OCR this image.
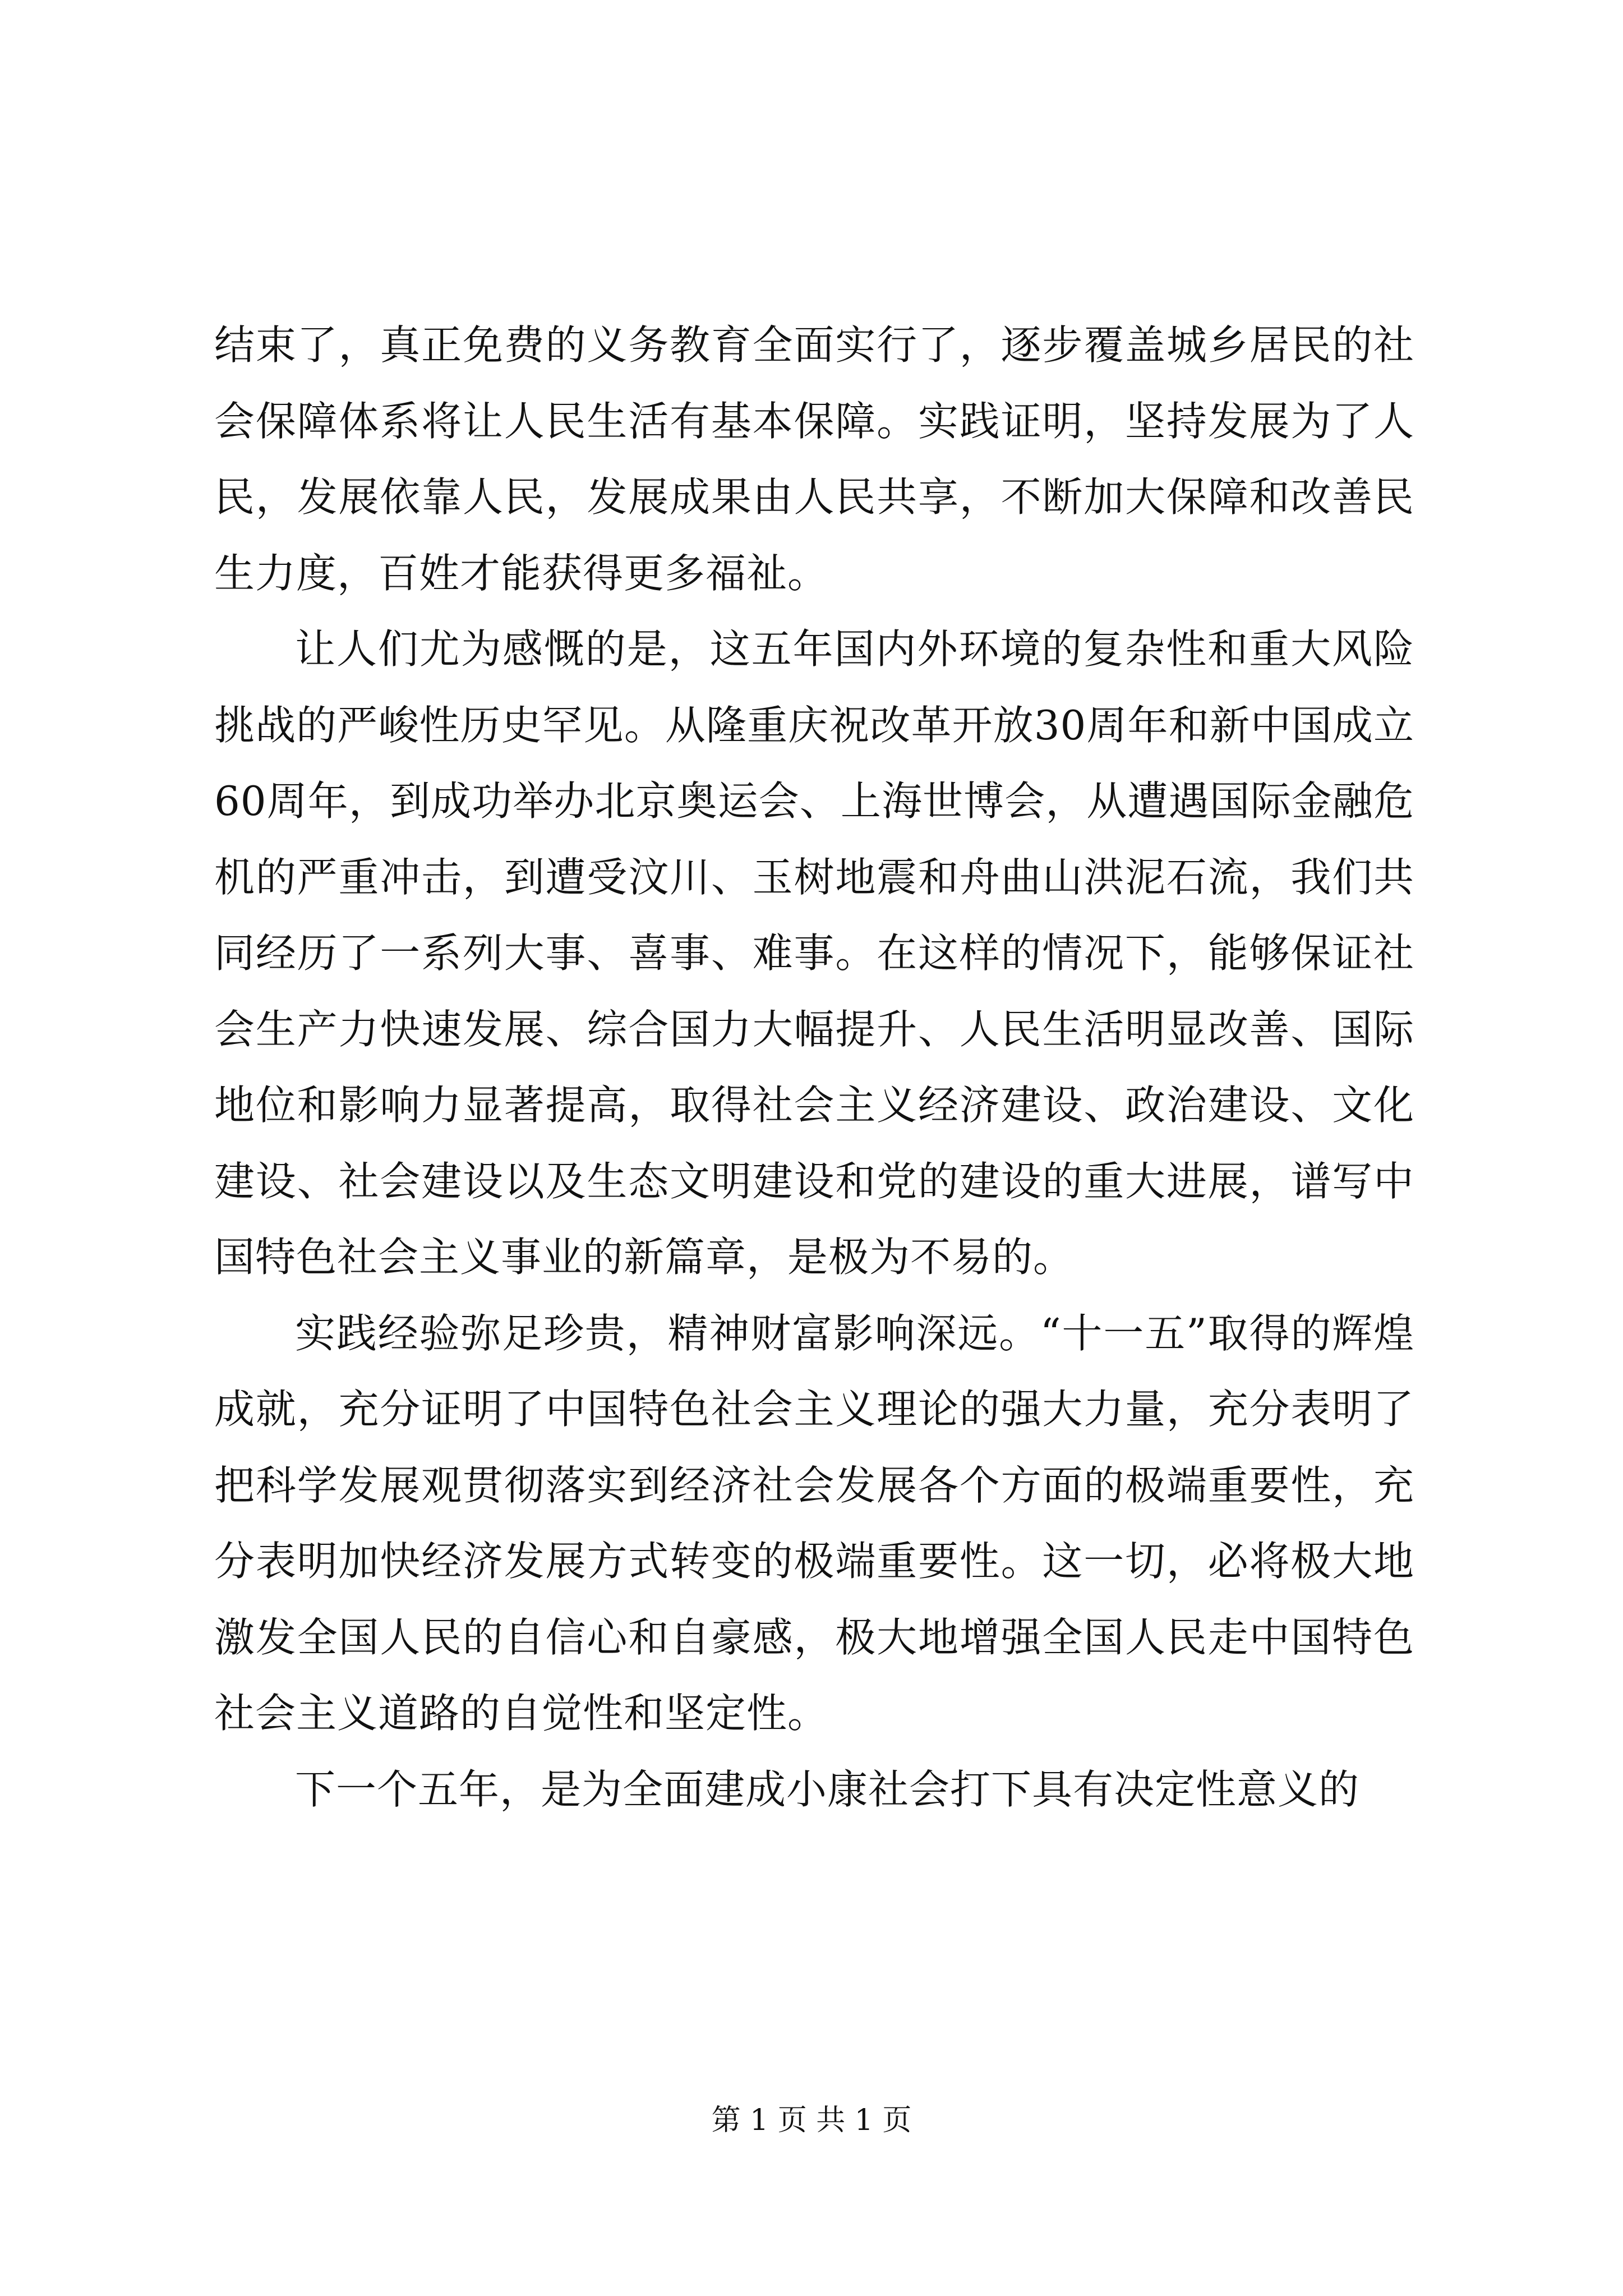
结束了，真正免费的义务教育全面实行了，逐步覆盖城乡居民的社会保障体系将让人民生活有基本保障。实践证明，坚持发展为了人民，发展依靠人民，发展成果由人民共享，不断加大保障和改善民生力度，百姓才能获得更多福祉。

让人们尤为感慨的是，这五年国内外环境的复杂性和重大风险挑战的严峻性历史罕见。从隆重庆祝改革开放30周年和新中国成立60周年，到成功举办北京奥运会、上海世博会，从遭遇国际金融危机的严重冲击，到遭受汶川、玉树地震和舟曲山洪泥石流，我们共同经历了一系列大事、喜事、难事。在这样的情况下，能够保证社会生产力快速发展、综合国力大幅提升、人民生活明显改善、国际地位和影响力显著提高，取得社会主义经济建设、政治建设、文化建设、社会建设以及生态文明建设和党的建设的重大进展，谱写中国特色社会主义事业的新篇章，是极为不易的。

实践经验弥足珍贵，精神财富影响深远。“十一五”取得的辉煌成就，充分证明了中国特色社会主义理论的强大力量，充分表明了把科学发展观贯彻落实到经济社会发展各个方面的极端重要性，充分表明加快经济发展方式转变的极端重要性。这一切，必将极大地激发全国人民的自信心和自豪感，极大地增强全国人民走中国特色社会主义道路的自觉性和坚定性。

下一个五年，是为全面建成小康社会打下具有决定性意义的

第 1 页 共 1 页
